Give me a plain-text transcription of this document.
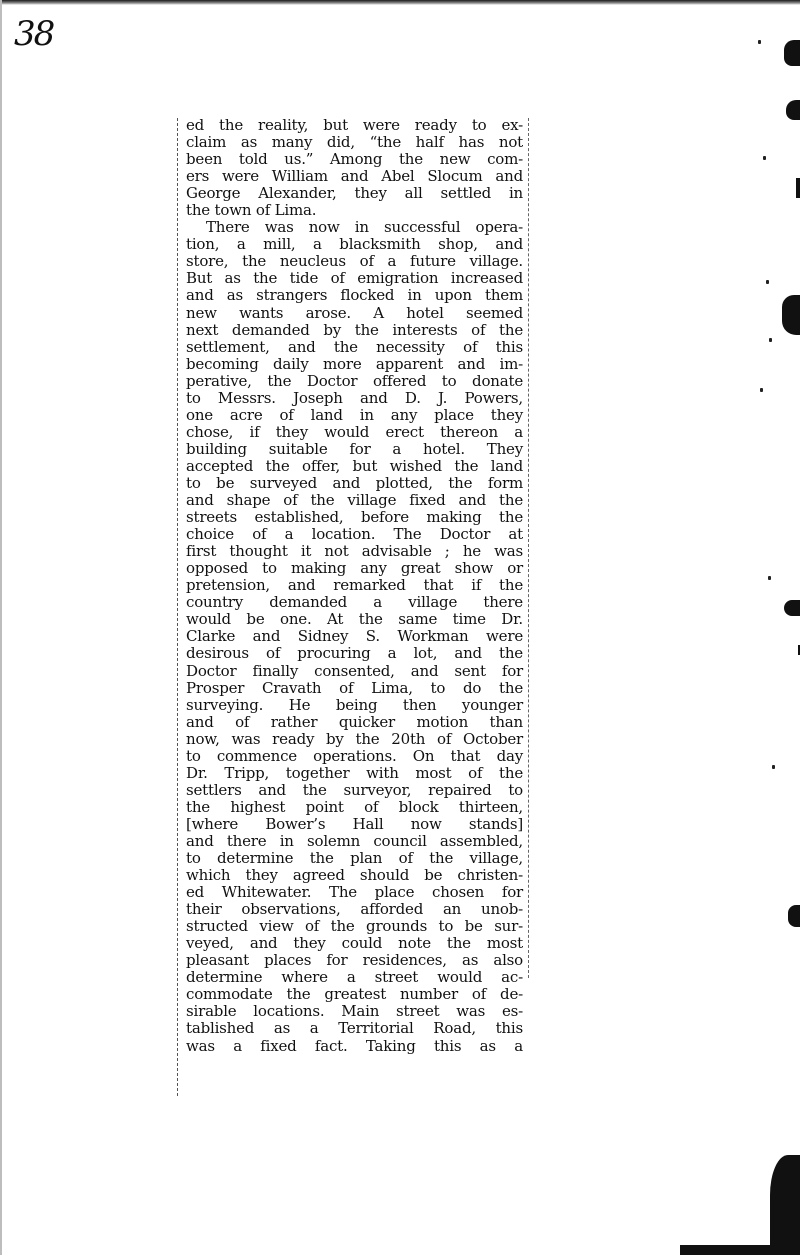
38
ed the reality, but were ready to ex-
claim as many did, “the half has not
been told us.” Among the new com-
ers were William and Abel Slocum and
George Alexander, they all settled in
the town of Lima.
There was now in successful opera-
tion, a mill, a blacksmith shop, and
store, the neucleus of a future village.
But as the tide of emigration increased
and as strangers flocked in upon them
new wants arose. A hotel seemed
next demanded by the interests of the
settlement, and the necessity of this
becoming daily more apparent and im-
perative, the Doctor offered to donate
to Messrs. Joseph and D. J. Powers,
one acre of land in any place they
chose, if they would erect thereon a
building suitable for a hotel. They
accepted the offer, but wished the land
to be surveyed and plotted, the form
and shape of the village fixed and the
streets established, before making the
choice of a location. The Doctor at
first thought it not advisable ; he was
opposed to making any great show or
pretension, and remarked that if the
country demanded a village there
would be one. At the same time Dr.
Clarke and Sidney S. Workman were
desirous of procuring a lot, and the
Doctor finally consented, and sent for
Prosper Cravath of Lima, to do the
surveying. He being then younger
and of rather quicker motion than
now, was ready by the 20th of October
to commence operations. On that day
Dr. Tripp, together with most of the
settlers and the surveyor, repaired to
the highest point of block thirteen,
[where Bower’s Hall now stands]
and there in solemn council assembled,
to determine the plan of the village,
which they agreed should be christen-
ed Whitewater. The place chosen for
their observations, afforded an unob-
structed view of the grounds to be sur-
veyed, and they could note the most
pleasant places for residences, as also
determine where a street would ac-
commodate the greatest number of de-
sirable locations. Main street was es-
tablished as a Territorial Road, this
was a fixed fact. Taking this as a
